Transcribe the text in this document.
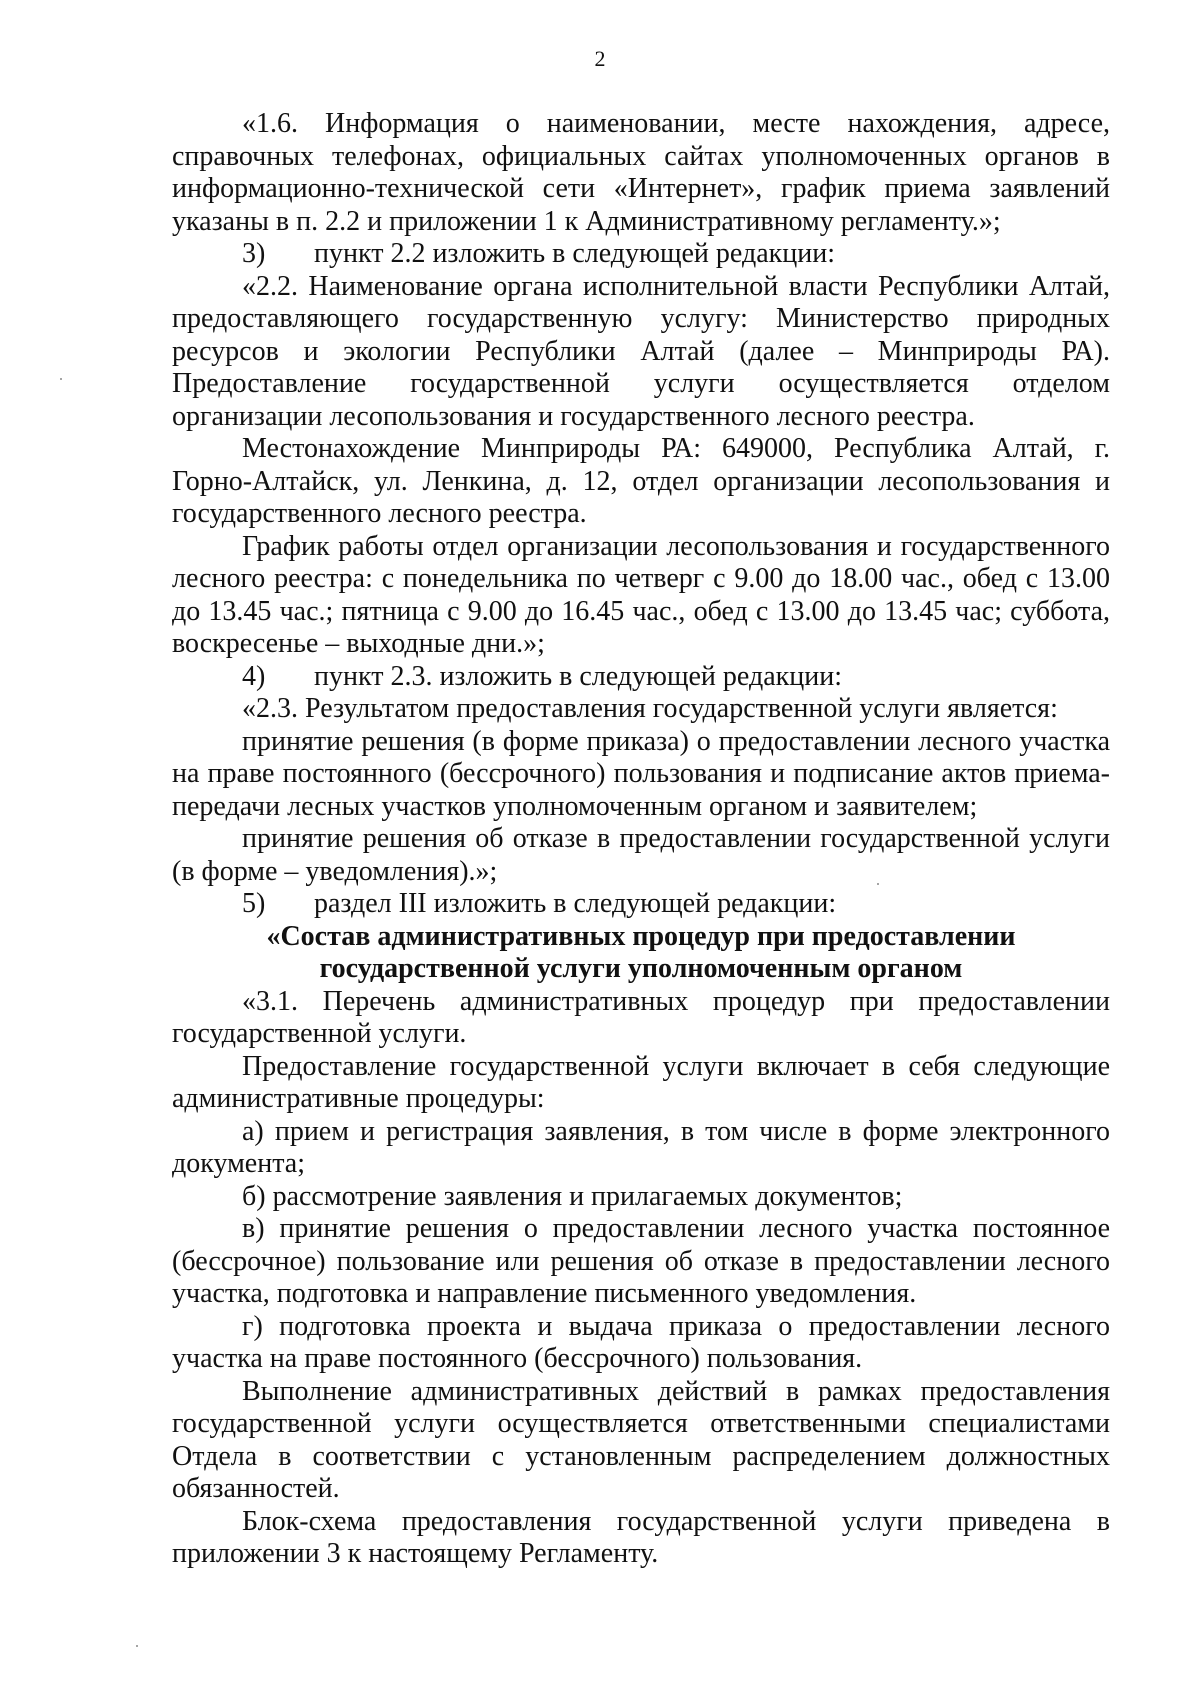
2

«1.6. Информация о наименовании, месте нахождения, адресе, справочных телефонах, официальных сайтах уполномоченных органов в информационно-технической сети «Интернет», график приема заявлений указаны в п. 2.2 и приложении 1 к Административному регламенту.»;

3) пункт 2.2 изложить в следующей редакции:

«2.2. Наименование органа исполнительной власти Республики Алтай, предоставляющего государственную услугу: Министерство природных ресурсов и экологии Республики Алтай (далее – Минприроды РА). Предоставление государственной услуги осуществляется отделом организации лесопользования и государственного лесного реестра.

Местонахождение Минприроды РА: 649000, Республика Алтай, г. Горно-Алтайск, ул. Ленкина, д. 12, отдел организации лесопользования и государственного лесного реестра.

График работы отдел организации лесопользования и государственного лесного реестра: с понедельника по четверг с 9.00 до 18.00 час., обед с 13.00 до 13.45 час.; пятница с 9.00 до 16.45 час., обед с 13.00 до 13.45 час; суббота, воскресенье – выходные дни.»;

4) пункт 2.3. изложить в следующей редакции:

«2.3. Результатом предоставления государственной услуги является:

принятие решения (в форме приказа) о предоставлении лесного участка на праве постоянного (бессрочного) пользования и подписание актов приема-передачи лесных участков уполномоченным органом и заявителем;

принятие решения об отказе в предоставлении государственной услуги (в форме – уведомления).»;

5) раздел III изложить в следующей редакции:

«Состав административных процедур при предоставлении
государственной услуги уполномоченным органом

«3.1. Перечень административных процедур при предоставлении государственной услуги.

Предоставление государственной услуги включает в себя следующие административные процедуры:

а) прием и регистрация заявления, в том числе в форме электронного документа;

б) рассмотрение заявления и прилагаемых документов;

в) принятие решения о предоставлении лесного участка постоянное (бессрочное) пользование или решения об отказе в предоставлении лесного участка, подготовка и направление письменного уведомления.

г) подготовка проекта и выдача приказа о предоставлении лесного участка на праве постоянного (бессрочного) пользования.

Выполнение административных действий в рамках предоставления государственной услуги осуществляется ответственными специалистами Отдела в соответствии с установленным распределением должностных обязанностей.

Блок-схема предоставления государственной услуги приведена в приложении 3 к настоящему Регламенту.
